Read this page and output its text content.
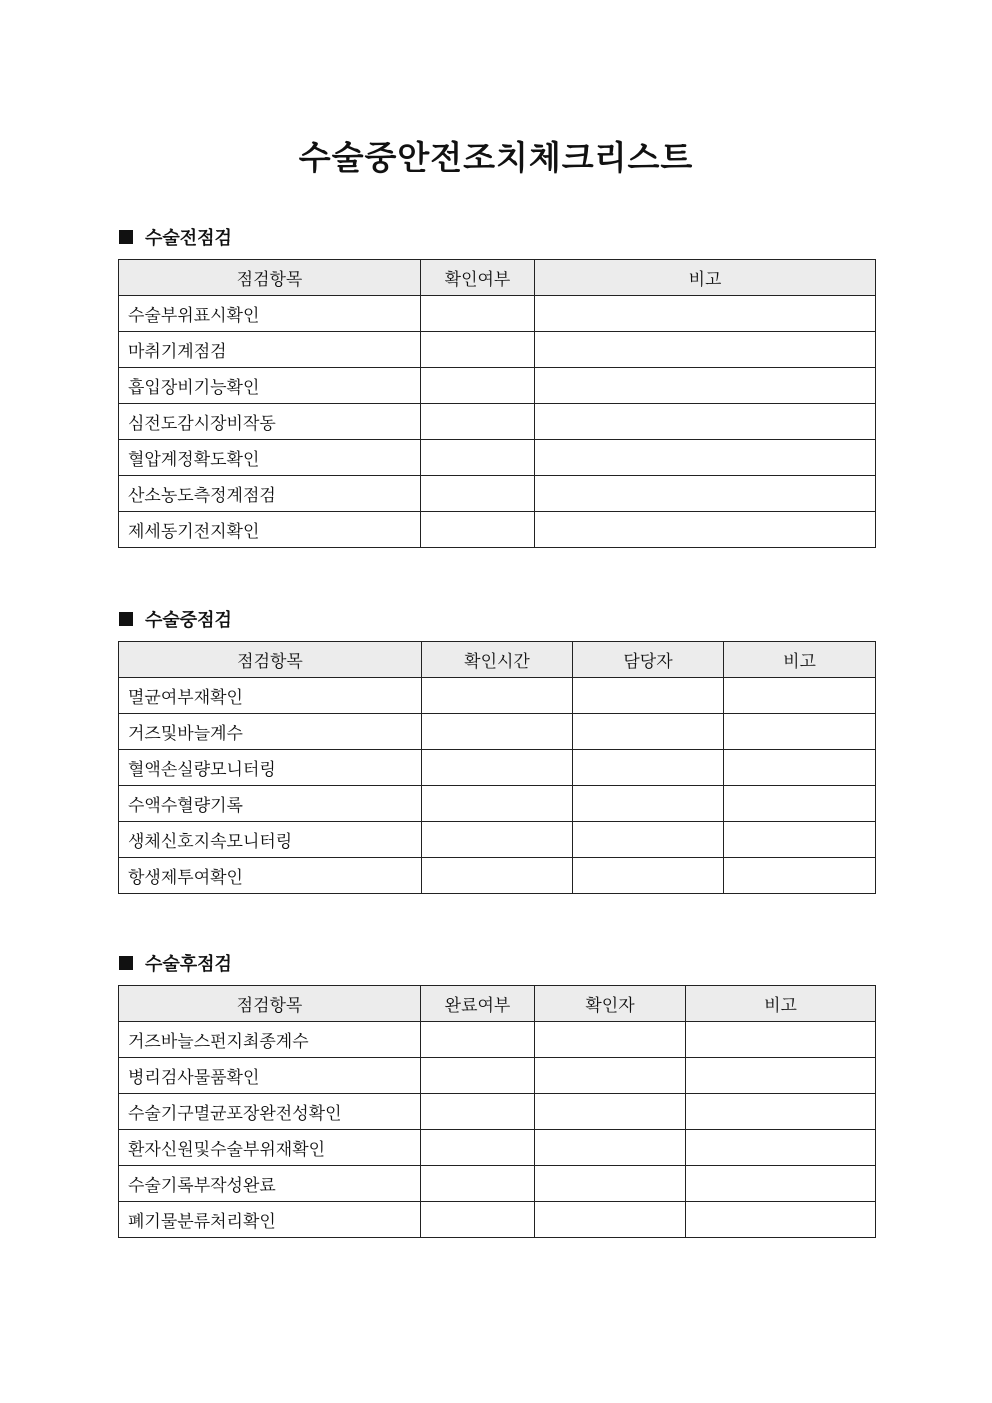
수술중안전조치체크리스트
수술전점검
점검항목	확인여부	비고
수술부위표시확인		
마취기계점검		
흡입장비기능확인		
심전도감시장비작동		
혈압계정확도확인		
산소농도측정계점검		
제세동기전지확인		
수술중점검
점검항목	확인시간	담당자	비고
멸균여부재확인			
거즈및바늘계수			
혈액손실량모니터링			
수액수혈량기록			
생체신호지속모니터링			
항생제투여확인			
수술후점검
점검항목	완료여부	확인자	비고
거즈바늘스펀지최종계수			
병리검사물품확인			
수술기구멸균포장완전성확인			
환자신원및수술부위재확인			
수술기록부작성완료			
폐기물분류처리확인			
